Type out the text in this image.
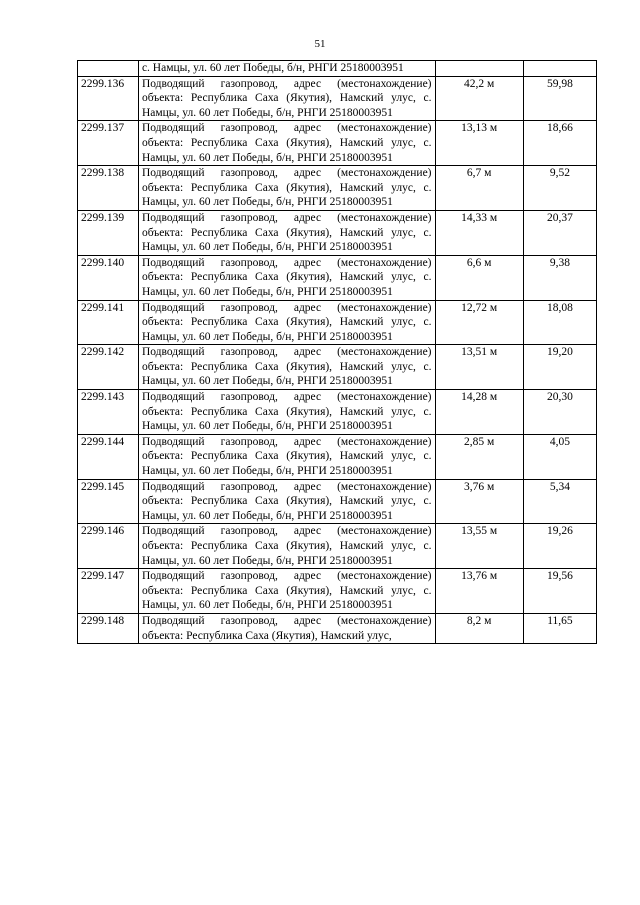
51

	с. Намцы, ул. 60 лет Победы, б/н, РНГИ 25180003951		

2299.136	Подводящий газопровод, адрес (местонахождение) объекта: Республика Саха (Якутия), Намский улус, с. Намцы, ул. 60 лет Победы, б/н, РНГИ 25180003951	42,2 м	59,98
2299.137	Подводящий газопровод, адрес (местонахождение) объекта: Республика Саха (Якутия), Намский улус, с. Намцы, ул. 60 лет Победы, б/н, РНГИ 25180003951	13,13 м	18,66
2299.138	Подводящий газопровод, адрес (местонахождение) объекта: Республика Саха (Якутия), Намский улус, с. Намцы, ул. 60 лет Победы, б/н, РНГИ 25180003951	6,7 м	9,52
2299.139	Подводящий газопровод, адрес (местонахождение) объекта: Республика Саха (Якутия), Намский улус, с. Намцы, ул. 60 лет Победы, б/н, РНГИ 25180003951	14,33 м	20,37
2299.140	Подводящий газопровод, адрес (местонахождение) объекта: Республика Саха (Якутия), Намский улус, с. Намцы, ул. 60 лет Победы, б/н, РНГИ 25180003951	6,6 м	9,38
2299.141	Подводящий газопровод, адрес (местонахождение) объекта: Республика Саха (Якутия), Намский улус, с. Намцы, ул. 60 лет Победы, б/н, РНГИ 25180003951	12,72 м	18,08
2299.142	Подводящий газопровод, адрес (местонахождение) объекта: Республика Саха (Якутия), Намский улус, с. Намцы, ул. 60 лет Победы, б/н, РНГИ 25180003951	13,51 м	19,20
2299.143	Подводящий газопровод, адрес (местонахождение) объекта: Республика Саха (Якутия), Намский улус, с. Намцы, ул. 60 лет Победы, б/н, РНГИ 25180003951	14,28 м	20,30
2299.144	Подводящий газопровод, адрес (местонахождение) объекта: Республика Саха (Якутия), Намский улус, с. Намцы, ул. 60 лет Победы, б/н, РНГИ 25180003951	2,85 м	4,05
2299.145	Подводящий газопровод, адрес (местонахождение) объекта: Республика Саха (Якутия), Намский улус, с. Намцы, ул. 60 лет Победы, б/н, РНГИ 25180003951	3,76 м	5,34
2299.146	Подводящий газопровод, адрес (местонахождение) объекта: Республика Саха (Якутия), Намский улус, с. Намцы, ул. 60 лет Победы, б/н, РНГИ 25180003951	13,55 м	19,26
2299.147	Подводящий газопровод, адрес (местонахождение) объекта: Республика Саха (Якутия), Намский улус, с. Намцы, ул. 60 лет Победы, б/н, РНГИ 25180003951	13,76 м	19,56
2299.148	Подводящий газопровод, адрес (местонахождение) объекта: Республика Саха (Якутия), Намский улус,	8,2 м	11,65
